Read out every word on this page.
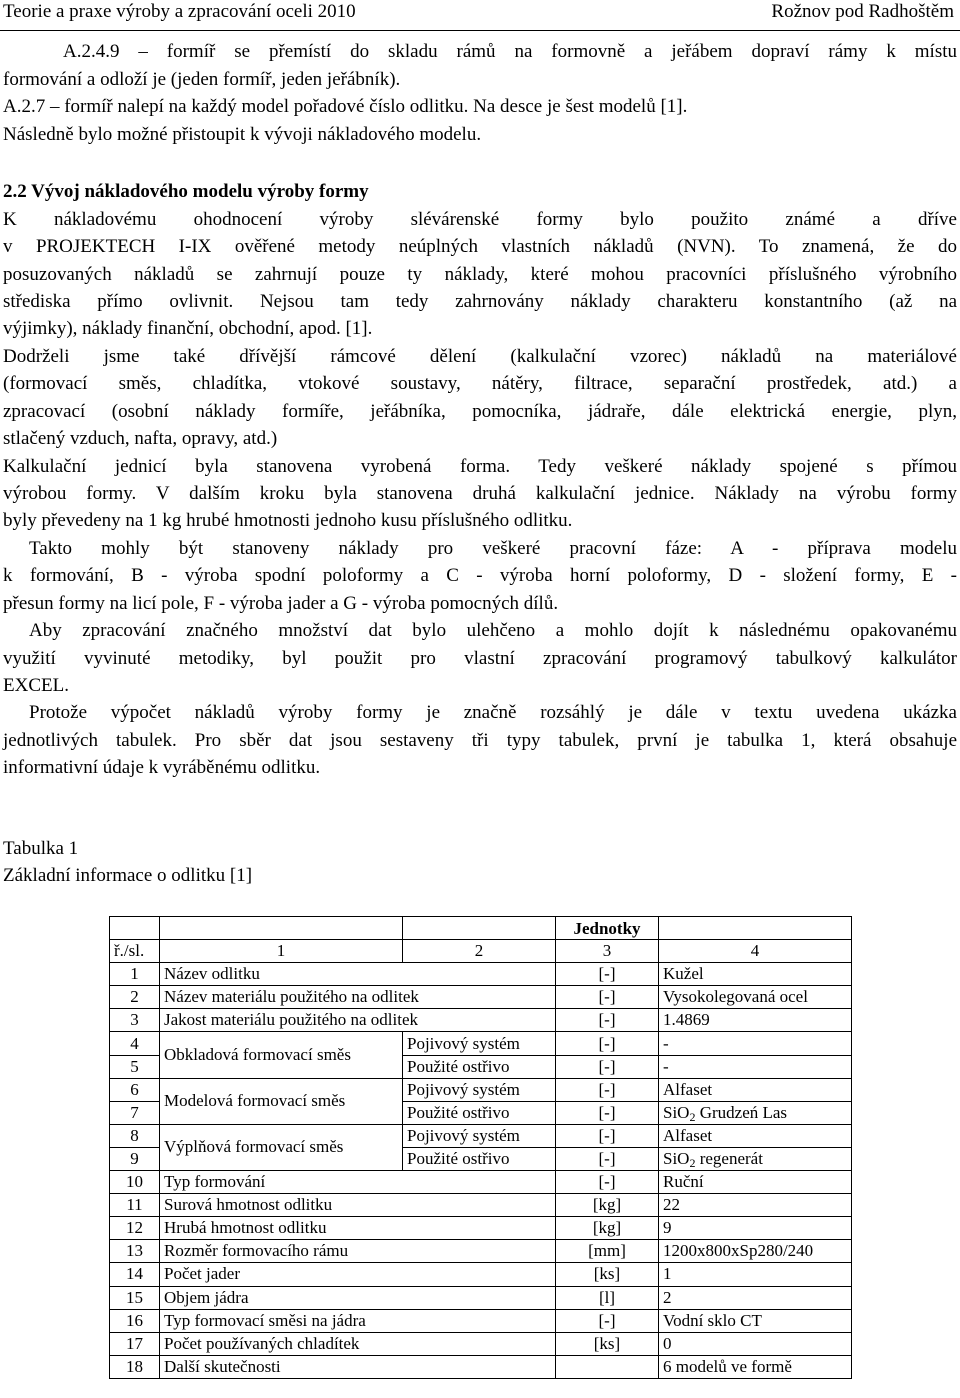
Teorie a praxe výroby a zpracování oceli 2010	Rožnov pod Radhoštěm
A.2.4.9 – formíř se přemístí do skladu rámů na formovně a jeřábem dopraví rámy k místu
formování a odloží je (jeden formíř, jeden jeřábník).
A.2.7 – formíř nalepí na každý model pořadové číslo odlitku. Na desce je šest modelů [1].
Následně bylo možné přistoupit k vývoji nákladového modelu.
2.2 Vývoj nákladového modelu výroby formy
K nákladovému ohodnocení výroby slévárenské formy bylo použito známé a dříve
v PROJEKTECH I-IX ověřené metody neúplných vlastních nákladů (NVN). To znamená, že do
posuzovaných nákladů se zahrnují pouze ty náklady, které mohou pracovníci příslušného výrobního
střediska přímo ovlivnit. Nejsou tam tedy zahrnovány náklady charakteru konstantního (až na
výjimky), náklady finanční, obchodní, apod. [1].
Dodrželi jsme také dřívější rámcové dělení (kalkulační vzorec) nákladů na materiálové
(formovací směs, chladítka, vtokové soustavy, nátěry, filtrace, separační prostředek, atd.) a
zpracovací (osobní náklady formíře, jeřábníka, pomocníka, jádraře, dále elektrická energie, plyn,
stlačený vzduch, nafta, opravy, atd.)
Kalkulační jednicí byla stanovena vyrobená forma. Tedy veškeré náklady spojené s přímou
výrobou formy. V dalším kroku byla stanovena druhá kalkulační jednice. Náklady na výrobu formy
byly převedeny na 1 kg hrubé hmotnosti jednoho kusu příslušného odlitku.
Takto mohly být stanoveny náklady pro veškeré pracovní fáze: A - příprava modelu
k formování, B - výroba spodní poloformy a C - výroba horní poloformy, D - složení formy, E -
přesun formy na licí pole, F - výroba jader a G - výroba pomocných dílů.
Aby zpracování značného množství dat bylo ulehčeno a mohlo dojít k následnému opakovanému
využití vyvinuté metodiky, byl použit pro vlastní zpracování programový tabulkový kalkulátor
EXCEL.
Protože výpočet nákladů výroby formy je značně rozsáhlý je dále v textu uvedena ukázka
jednotlivých tabulek. Pro sběr dat jsou sestaveny tři typy tabulek, první je tabulka 1, která obsahuje
informativní údaje k vyráběnému odlitku.
Tabulka 1
Základní informace o odlitku [1]
			Jednotky	
ř./sl.	1	2	3	4
1	Název odlitku		[-]	Kužel
2	Název materiálu použitého na odlitek		[-]	Vysokolegovaná ocel
3	Jakost materiálu použitého na odlitek		[-]	1.4869
4	Obkladová formovací směs	Pojivový systém	[-]	-
5		Použité ostřivo	[-]	-
6	Modelová formovací směs	Pojivový systém	[-]	Alfaset
7		Použité ostřivo	[-]	SiO$_2$ Grudzeń Las
8	Výplňová formovací směs	Pojivový systém	[-]	Alfaset
9		Použité ostřivo	[-]	SiO$_2$ regenerát
10	Typ formování		[-]	Ruční
11	Surová hmotnost odlitku		[kg]	22
12	Hrubá hmotnost odlitku		[kg]	9
13	Rozměr formovacího rámu		[mm]	1200x800xSp280/240
14	Počet jader		[ks]	1
15	Objem jádra		[l]	2
16	Typ formovací směsi na jádra		[-]	Vodní sklo CT
17	Počet používaných chladítek		[ks]	0
18	Další skutečnosti			6 modelů ve formě
